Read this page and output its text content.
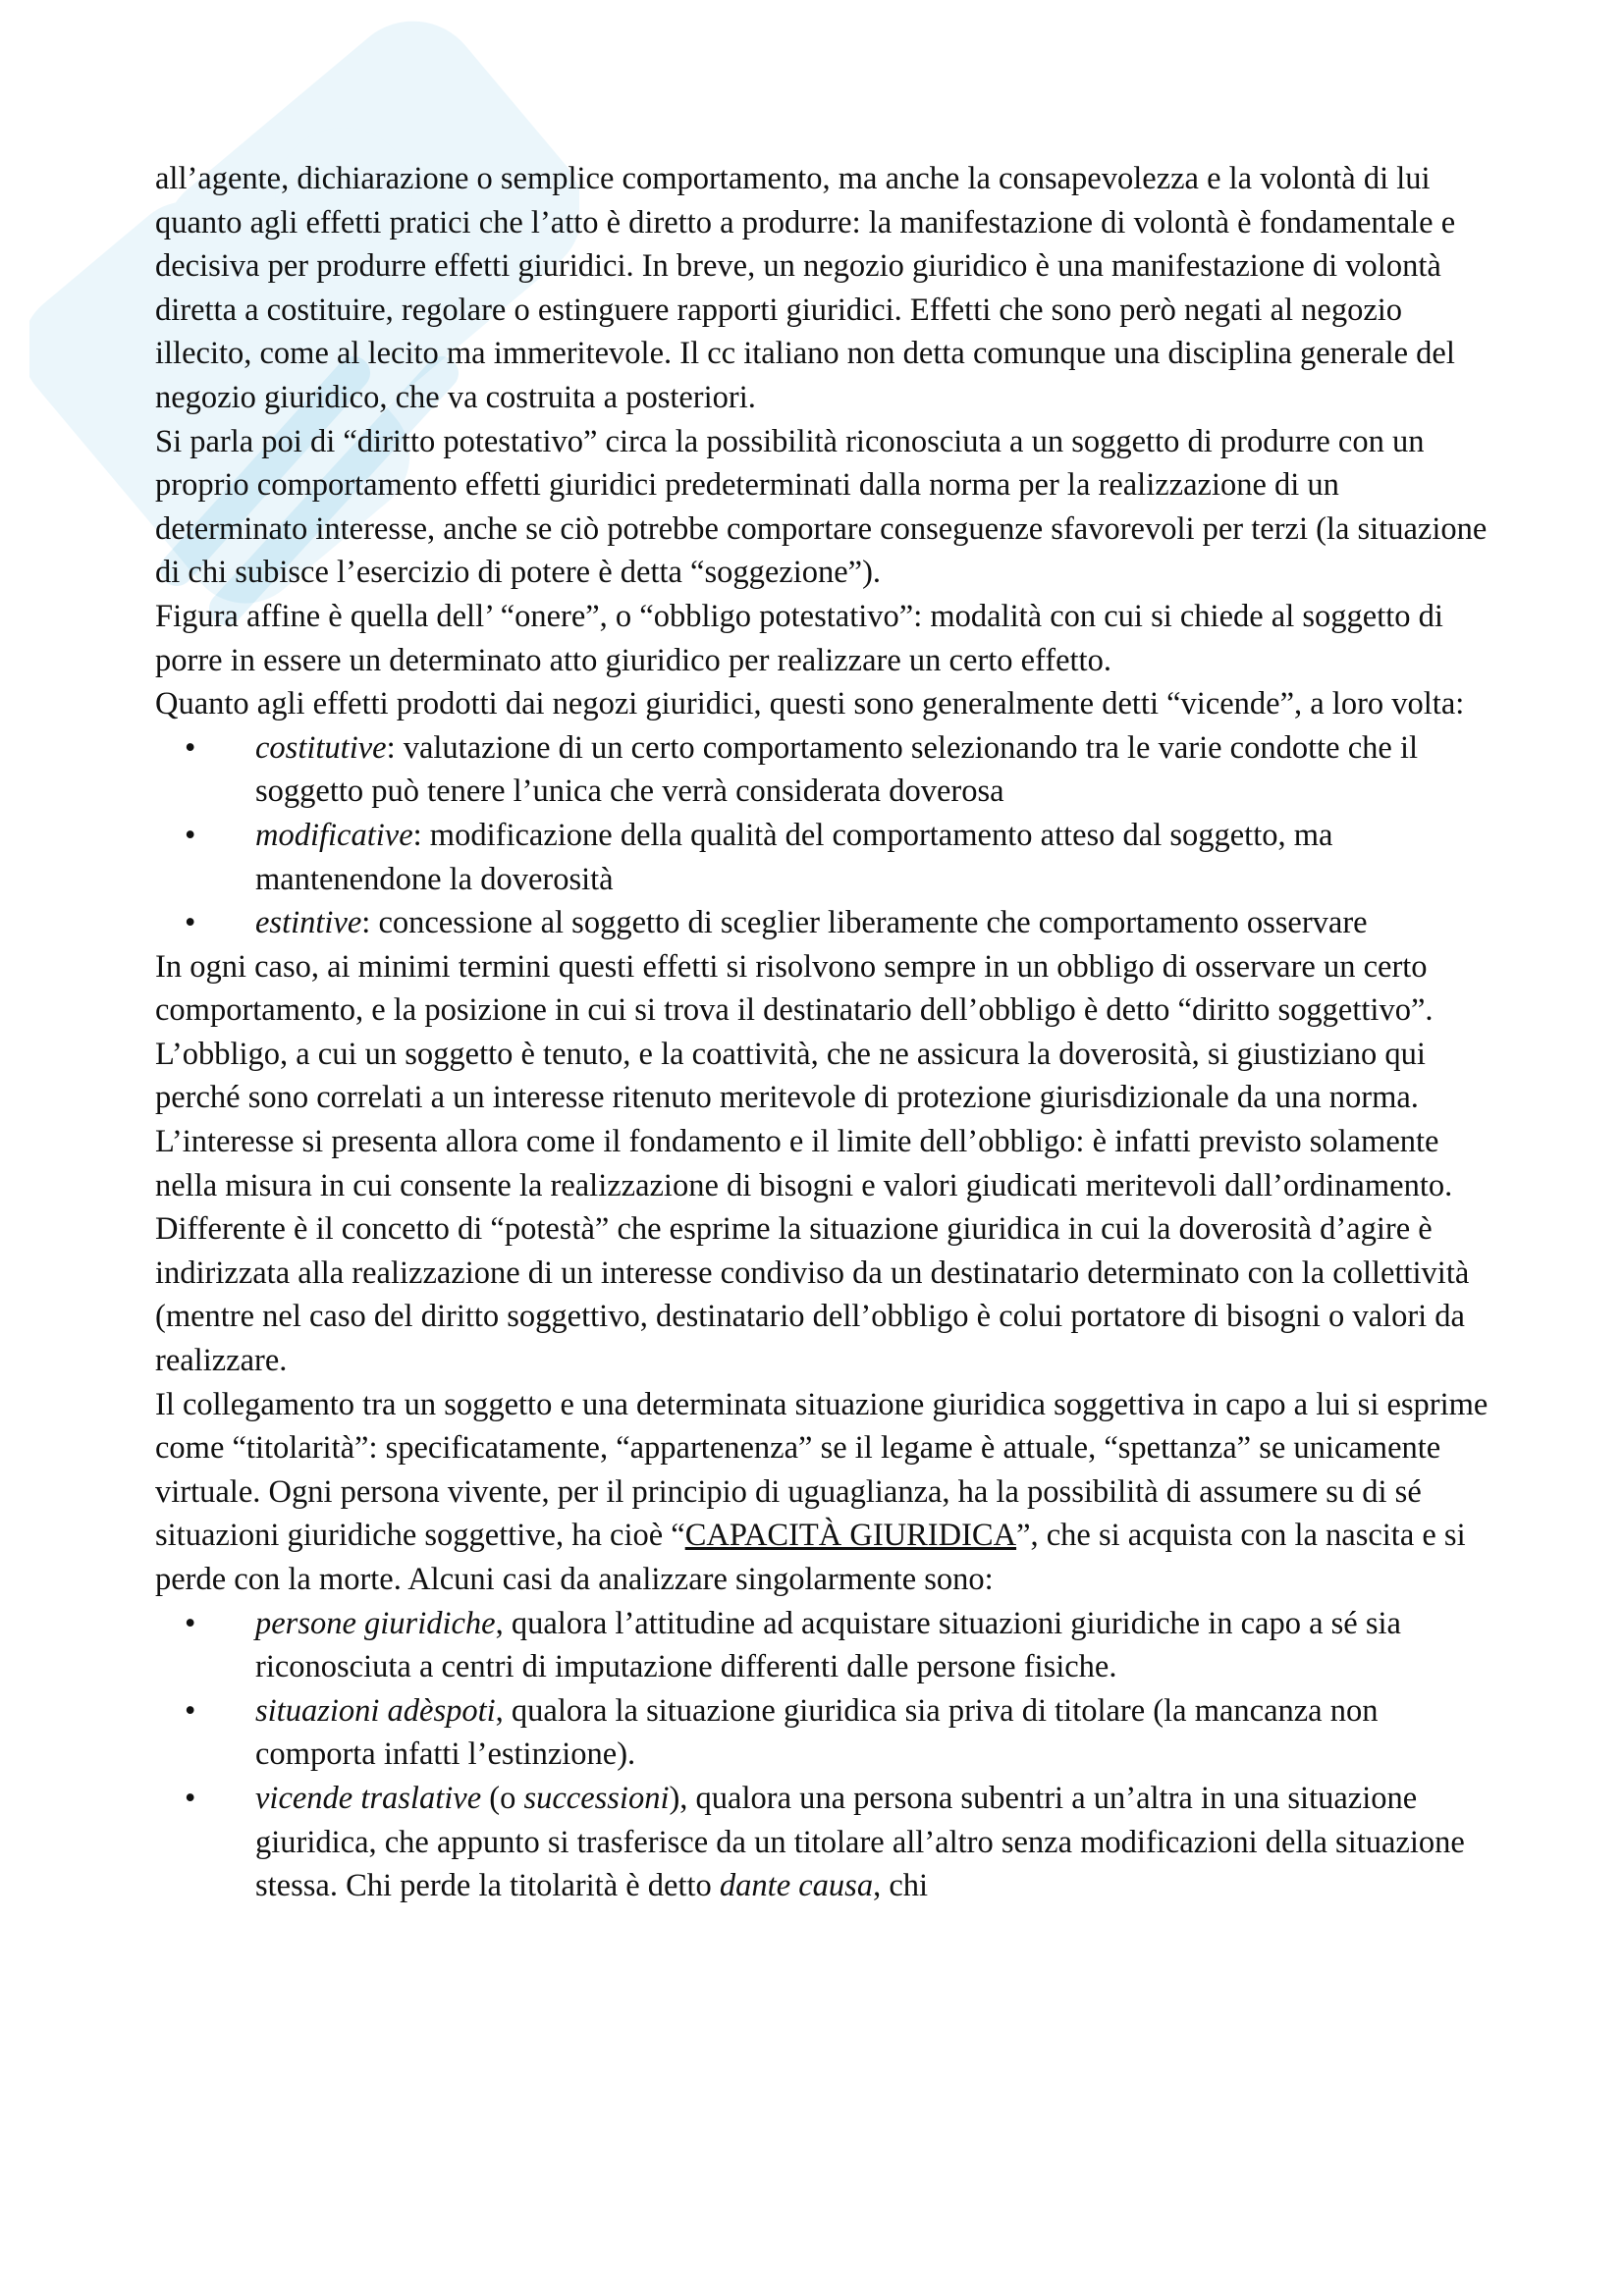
all’agente, dichiarazione o semplice comportamento, ma anche la consapevolezza e la volontà di lui quanto agli effetti pratici che l’atto è diretto a produrre: la manifestazione di volontà è fondamentale e decisiva per produrre effetti giuridici. In breve, un negozio giuridico è una manifestazione di volontà diretta a costituire, regolare o estinguere rapporti giuridici. Effetti che sono però negati al negozio illecito, come al lecito ma immeritevole. Il cc italiano non detta comunque una disciplina generale del negozio giuridico, che va costruita a posteriori.

Si parla poi di “diritto potestativo” circa la possibilità riconosciuta a un soggetto di produrre con un proprio comportamento effetti giuridici predeterminati dalla norma per la realizzazione di un determinato interesse, anche se ciò potrebbe comportare conseguenze sfavorevoli per terzi (la situazione di chi subisce l’esercizio di potere è detta “soggezione”).

Figura affine è quella dell’ “onere”, o “obbligo potestativo”: modalità con cui si chiede al soggetto di porre in essere un determinato atto giuridico per realizzare un certo effetto.

Quanto agli effetti prodotti dai negozi giuridici, questi sono generalmente detti “vicende”, a loro volta:

• costitutive: valutazione di un certo comportamento selezionando tra le varie condotte che il soggetto può tenere l’unica che verrà considerata doverosa
• modificative: modificazione della qualità del comportamento atteso dal soggetto, ma mantenendone la doverosità
• estintive: concessione al soggetto di sceglier liberamente che comportamento osservare

In ogni caso, ai minimi termini questi effetti si risolvono sempre in un obbligo di osservare un certo comportamento, e la posizione in cui si trova il destinatario dell’obbligo è detto “diritto soggettivo”. L’obbligo, a cui un soggetto è tenuto, e la coattività, che ne assicura la doverosità, si giustiziano qui perché sono correlati a un interesse ritenuto meritevole di protezione giurisdizionale da una norma. L’interesse si presenta allora come il fondamento e il limite dell’obbligo: è infatti previsto solamente nella misura in cui consente la realizzazione di bisogni e valori giudicati meritevoli dall’ordinamento. Differente è il concetto di “potestà” che esprime la situazione giuridica in cui la doverosità d’agire è indirizzata alla realizzazione di un interesse condiviso da un destinatario determinato con la collettività (mentre nel caso del diritto soggettivo, destinatario dell’obbligo è colui portatore di bisogni o valori da realizzare.

Il collegamento tra un soggetto e una determinata situazione giuridica soggettiva in capo a lui si esprime come “titolarità”: specificatamente, “appartenenza” se il legame è attuale, “spettanza” se unicamente virtuale. Ogni persona vivente, per il principio di uguaglianza, ha la possibilità di assumere su di sé situazioni giuridiche soggettive, ha cioè “CAPACITÀ GIURIDICA”, che si acquista con la nascita e si perde con la morte. Alcuni casi da analizzare singolarmente sono:

• persone giuridiche, qualora l’attitudine ad acquistare situazioni giuridiche in capo a sé sia riconosciuta a centri di imputazione differenti dalle persone fisiche.
• situazioni adèspoti, qualora la situazione giuridica sia priva di titolare (la mancanza non comporta infatti l’estinzione).
• vicende traslative (o successioni), qualora una persona subentri a un’altra in una situazione giuridica, che appunto si trasferisce da un titolare all’altro senza modificazioni della situazione stessa. Chi perde la titolarità è detto dante causa, chi
